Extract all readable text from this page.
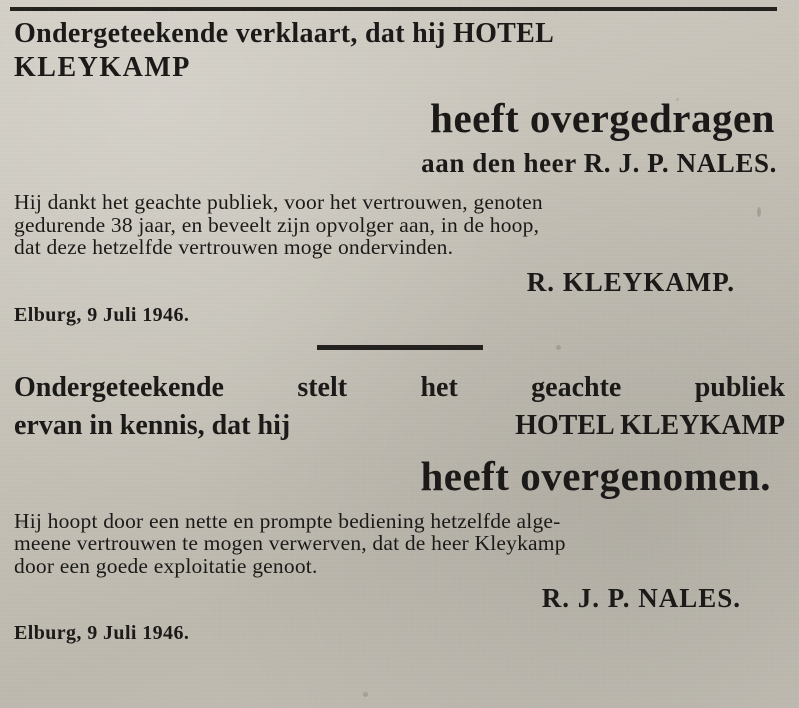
Ondergeteekende verklaart, dat hij HOTEL
KLEYKAMP
heeft overgedragen
aan den heer R. J. P. NALES.
Hij dankt het geachte publiek, voor het vertrouwen, genoten
gedurende 38 jaar, en beveelt zijn opvolger aan, in de hoop,
dat deze hetzelfde vertrouwen moge ondervinden.
R. KLEYKAMP.
Elburg, 9 Juli 1946.
Ondergeteekende	stelt	het	geachte	publiek
ervan in kennis, dat hij	HOTEL KLEYKAMP
heeft overgenomen.
Hij hoopt door een nette en prompte bediening hetzelfde alge-
meene vertrouwen te mogen verwerven, dat de heer Kleykamp
door een goede exploitatie genoot.
R. J. P. NALES.
Elburg, 9 Juli 1946.
